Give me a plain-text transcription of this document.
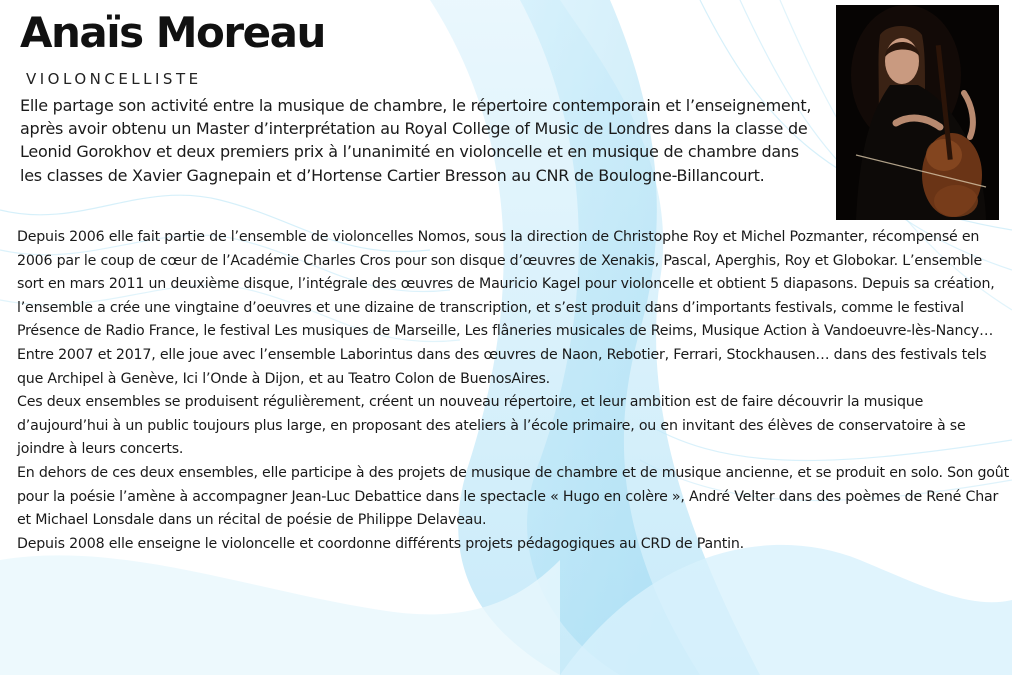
Anaïs Moreau
VIOLONCELLISTE

Elle partage son activité entre la musique de chambre, le répertoire contemporain et l’enseignement, après avoir obtenu un Master d’interprétation au Royal College of Music de Londres dans la classe de Leonid Gorokhov et deux premiers prix à l’unanimité en violoncelle et en musique de chambre dans les classes de Xavier Gagnepain et d’Hortense Cartier Bresson au CNR de Boulogne-Billancourt.

Depuis 2006 elle fait partie de l’ensemble de violoncelles Nomos, sous la direction de Christophe Roy et Michel Pozmanter, récompensé en 2006 par le coup de cœur de l’Académie Charles Cros pour son disque d’œuvres de Xenakis, Pascal, Aperghis, Roy et Globokar. L’ensemble sort en mars 2011 un deuxième disque, l’intégrale des œuvres de Mauricio Kagel pour violoncelle et obtient 5 diapasons. Depuis sa création, l’ensemble a crée une vingtaine d’oeuvres et une dizaine de transcription, et s’est produit dans d’importants festivals, comme le festival Présence de Radio France, le festival Les musiques de Marseille, Les flâneries musicales de Reims, Musique Action à Vandoeuvre-lès-Nancy…

Entre 2007 et 2017, elle joue avec l’ensemble Laborintus dans des œuvres de Naon, Rebotier, Ferrari, Stockhausen… dans des festivals tels que Archipel à Genève, Ici l’Onde à Dijon, et au Teatro Colon de BuenosAires.

Ces deux ensembles se produisent régulièrement, créent un nouveau répertoire, et leur ambition est de faire découvrir la musique d’aujourd’hui à un public toujours plus large, en proposant des ateliers à l’école primaire, ou en invitant des élèves de conservatoire à se joindre à leurs concerts.

En dehors de ces deux ensembles, elle participe à des projets de musique de chambre et de musique ancienne, et se produit en solo. Son goût pour la poésie l’amène à accompagner Jean-Luc Debattice dans le spectacle « Hugo en colère », André Velter dans des poèmes de René Char et Michael Lonsdale dans un récital de poésie de Philippe Delaveau.

Depuis 2008 elle enseigne le violoncelle et coordonne différents projets pédagogiques au CRD de Pantin.
